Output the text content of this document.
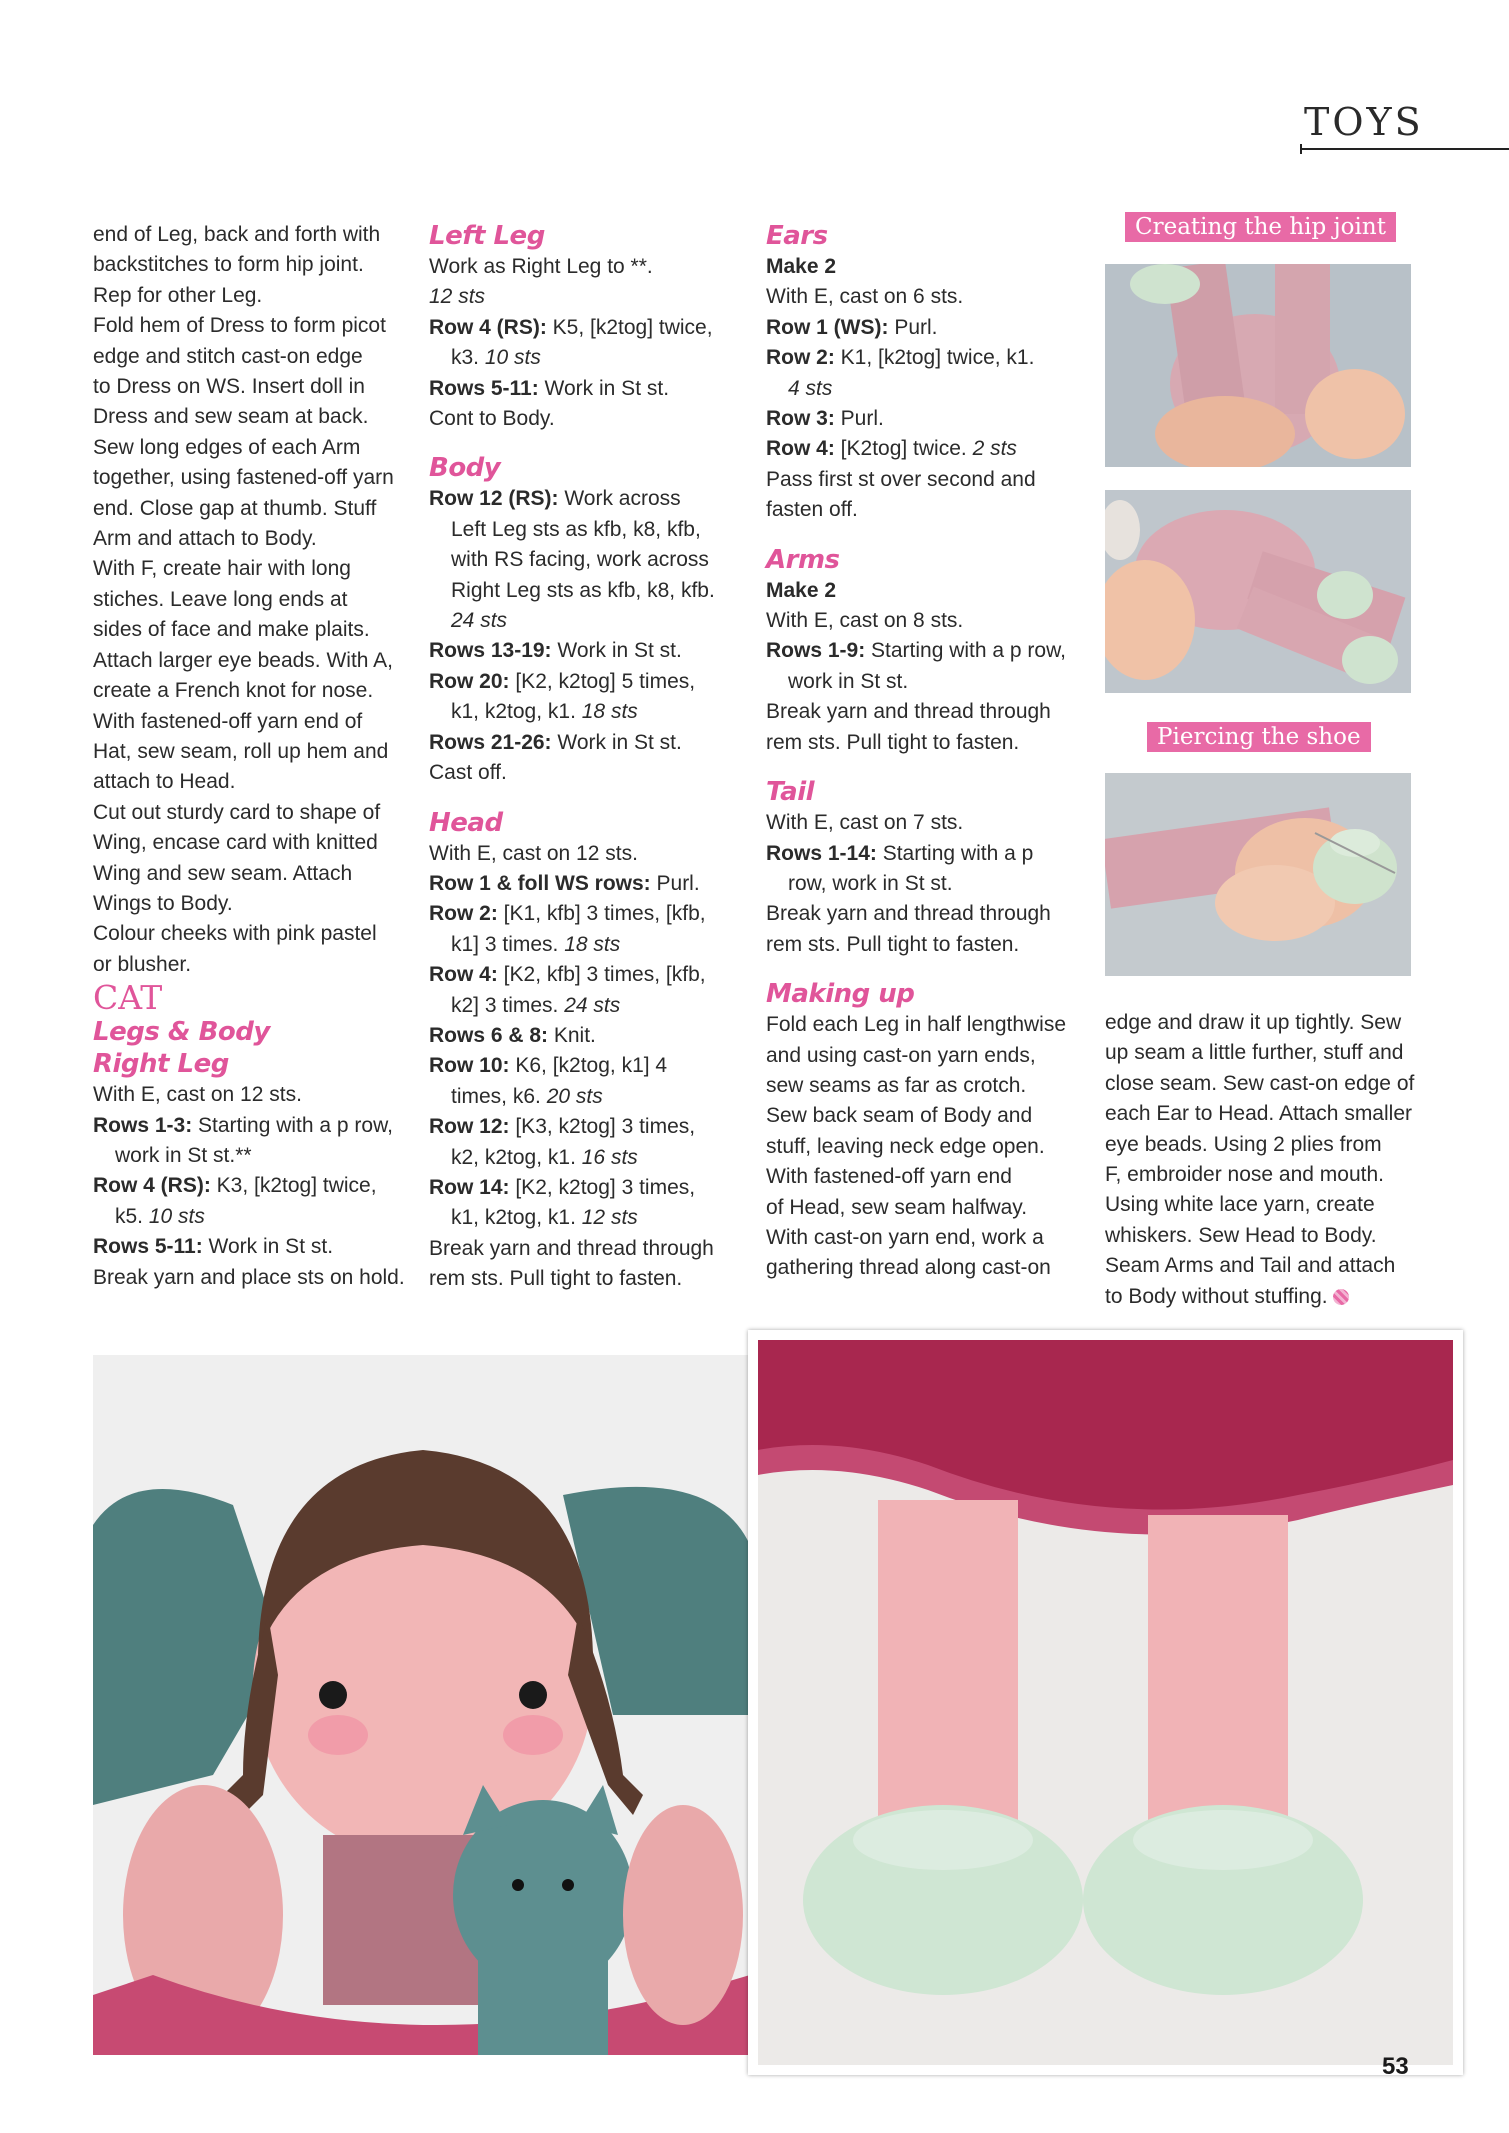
TOYS

end of Leg, back and forth with

backstitches to form hip joint.

Rep for other Leg.

Fold hem of Dress to form picot

edge and stitch cast-on edge

to Dress on WS. Insert doll in

Dress and sew seam at back.

Sew long edges of each Arm

together, using fastened-off yarn

end. Close gap at thumb. Stuff

Arm and attach to Body.

With F, create hair with long

stiches. Leave long ends at

sides of face and make plaits.

Attach larger eye beads. With A,

create a French knot for nose.

With fastened-off yarn end of

Hat, sew seam, roll up hem and

attach to Head.

Cut out sturdy card to shape of

Wing, encase card with knitted

Wing and sew seam. Attach

Wings to Body.

Colour cheeks with pink pastel

or blusher.

CAT

Legs & Body

Right Leg

With E, cast on 12 sts.

Rows 1-3: Starting with a p row,

work in St st.**

Row 4 (RS): K3, [k2tog] twice,

k5. 10 sts

Rows 5-11: Work in St st.

Break yarn and place sts on hold.

Left Leg

Work as Right Leg to **.

12 sts

Row 4 (RS): K5, [k2tog] twice,

k3. 10 sts

Rows 5-11: Work in St st.

Cont to Body.

Body

Row 12 (RS): Work across

Left Leg sts as kfb, k8, kfb,

with RS facing, work across

Right Leg sts as kfb, k8, kfb.

24 sts

Rows 13-19: Work in St st.

Row 20: [K2, k2tog] 5 times,

k1, k2tog, k1. 18 sts

Rows 21-26: Work in St st.

Cast off.

Head

With E, cast on 12 sts.

Row 1 & foll WS rows: Purl.

Row 2: [K1, kfb] 3 times, [kfb,

k1] 3 times. 18 sts

Row 4: [K2, kfb] 3 times, [kfb,

k2] 3 times. 24 sts

Rows 6 & 8: Knit.

Row 10: K6, [k2tog, k1] 4

times, k6. 20 sts

Row 12: [K3, k2tog] 3 times,

k2, k2tog, k1. 16 sts

Row 14: [K2, k2tog] 3 times,

k1, k2tog, k1. 12 sts

Break yarn and thread through

rem sts. Pull tight to fasten.

Ears

Make 2

With E, cast on 6 sts.

Row 1 (WS): Purl.

Row 2: K1, [k2tog] twice, k1.

4 sts

Row 3: Purl.

Row 4: [K2tog] twice. 2 sts

Pass first st over second and

fasten off.

Arms

Make 2

With E, cast on 8 sts.

Rows 1-9: Starting with a p row,

work in St st.

Break yarn and thread through

rem sts. Pull tight to fasten.

Tail

With E, cast on 7 sts.

Rows 1-14: Starting with a p

row, work in St st.

Break yarn and thread through

rem sts. Pull tight to fasten.

Making up

Fold each Leg in half lengthwise

and using cast-on yarn ends,

sew seams as far as crotch.

Sew back seam of Body and

stuff, leaving neck edge open.

With fastened-off yarn end

of Head, sew seam halfway.

With cast-on yarn end, work a

gathering thread along cast-on

Creating the hip joint
Piercing the shoe

edge and draw it up tightly. Sew

up seam a little further, stuff and

close seam. Sew cast-on edge of

each Ear to Head. Attach smaller

eye beads. Using 2 plies from

F, embroider nose and mouth.

Using white lace yarn, create

whiskers. Sew Head to Body.

Seam Arms and Tail and attach

to Body without stuffing.

53
